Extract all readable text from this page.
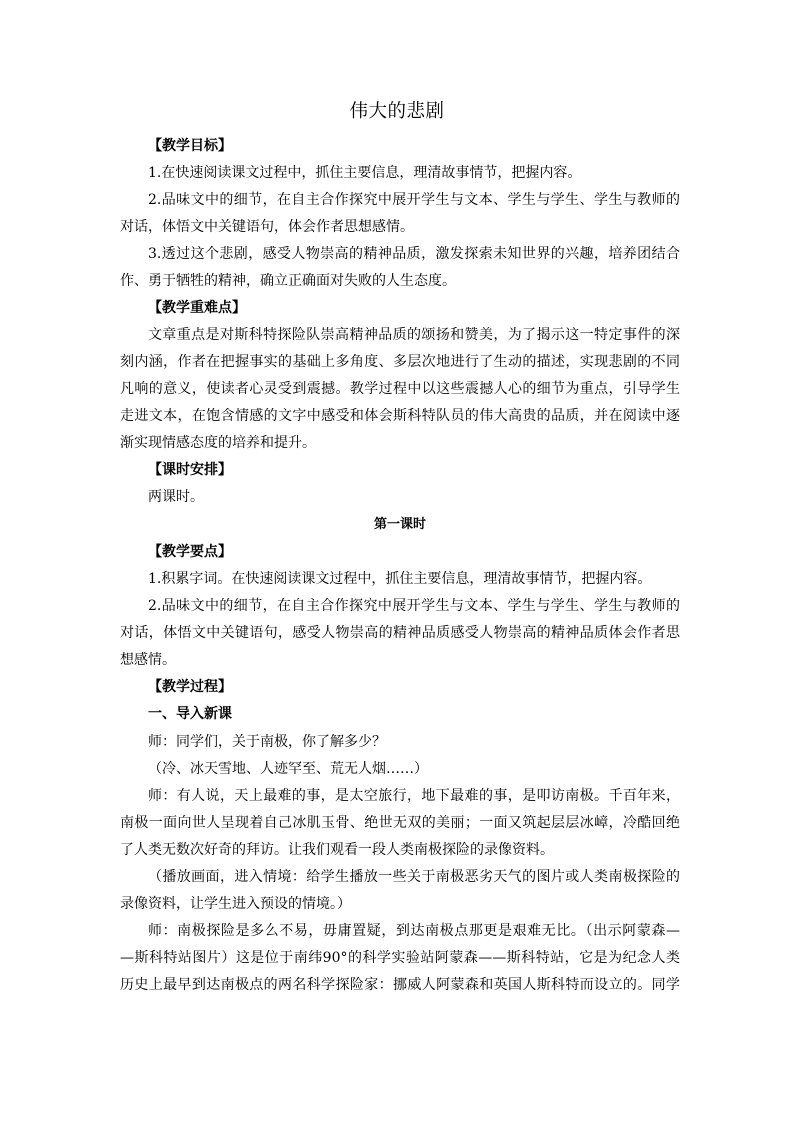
伟大的悲剧
【教学目标】
1.在快速阅读课文过程中，抓住主要信息，理清故事情节，把握内容。
2.品味文中的细节，在自主合作探究中展开学生与文本、学生与学生、学生与教师的
对话，体悟文中关键语句，体会作者思想感情。
3.透过这个悲剧，感受人物崇高的精神品质，激发探索未知世界的兴趣，培养团结合
作、勇于牺牲的精神，确立正确面对失败的人生态度。
【教学重难点】
文章重点是对斯科特探险队崇高精神品质的颂扬和赞美，为了揭示这一特定事件的深
刻内涵，作者在把握事实的基础上多角度、多层次地进行了生动的描述，实现悲剧的不同
凡响的意义，使读者心灵受到震撼。教学过程中以这些震撼人心的细节为重点，引导学生
走进文本，在饱含情感的文字中感受和体会斯科特队员的伟大高贵的品质，并在阅读中逐
渐实现情感态度的培养和提升。
【课时安排】
两课时。
第一课时
【教学要点】
1.积累字词。在快速阅读课文过程中，抓住主要信息，理清故事情节，把握内容。
2.品味文中的细节，在自主合作探究中展开学生与文本、学生与学生、学生与教师的
对话，体悟文中关键语句，感受人物崇高的精神品质感受人物崇高的精神品质体会作者思
想感情。
【教学过程】
一、导入新课
师：同学们，关于南极，你了解多少？
（冷、冰天雪地、人迹罕至、荒无人烟……）
师：有人说，天上最难的事，是太空旅行，地下最难的事，是叩访南极。千百年来，
南极一面向世人呈现着自己冰肌玉骨、绝世无双的美丽；一面又筑起层层冰嶂，冷酷回绝
了人类无数次好奇的拜访。让我们观看一段人类南极探险的录像资料。
（播放画面，进入情境：给学生播放一些关于南极恶劣天气的图片或人类南极探险的
录像资料，让学生进入预设的情境。）
师：南极探险是多么不易，毋庸置疑，到达南极点那更是艰难无比。（出示阿蒙森—
—斯科特站图片）这是位于南纬90°的科学实验站阿蒙森——斯科特站，它是为纪念人类
历史上最早到达南极点的两名科学探险家：挪威人阿蒙森和英国人斯科特而设立的。同学
